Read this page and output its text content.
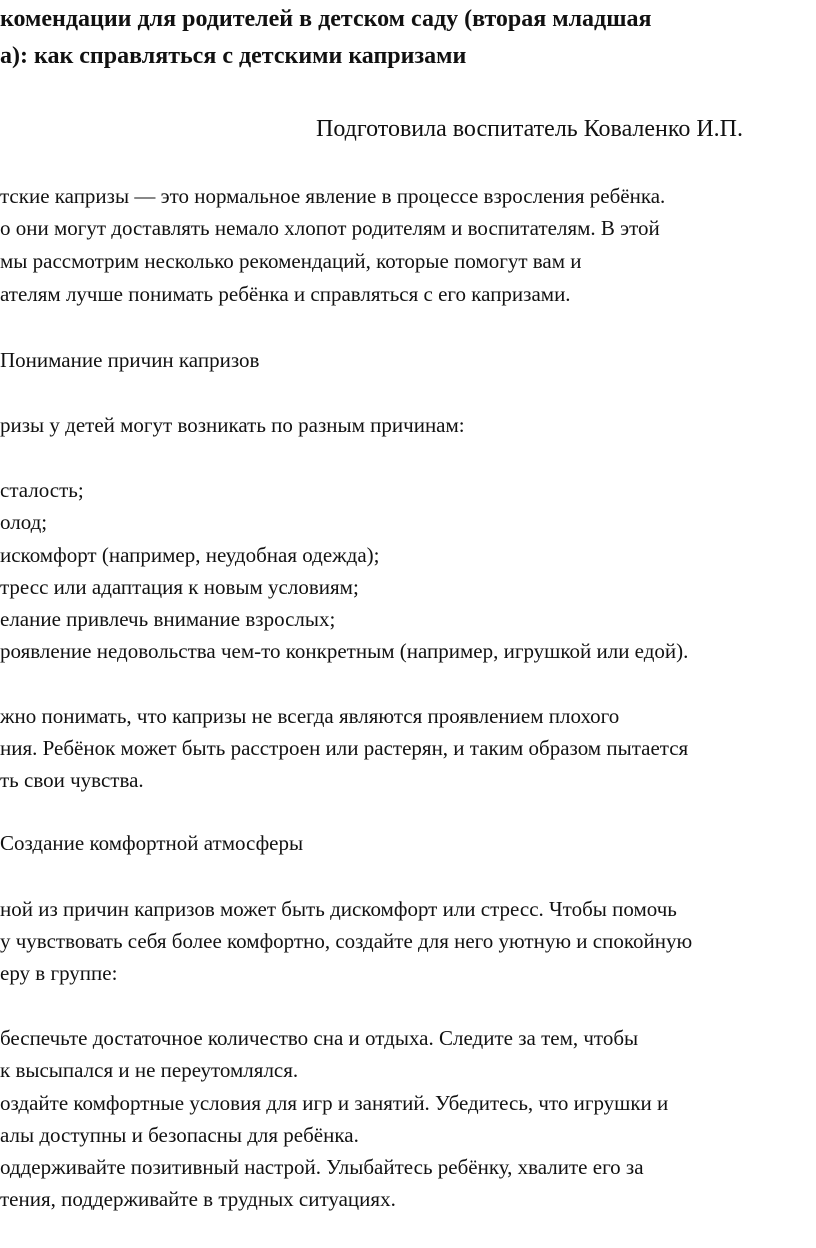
комендации для родителей в детском саду (вторая младшая
а): как справляться с детскими капризами
Подготовила воспитатель Коваленко И.П.

тские капризы — это нормальное явление в процессе взросления ребёнка.

о они могут доставлять немало хлопот родителям и воспитателям. В этой

мы рассмотрим несколько рекомендаций, которые помогут вам и

ателям лучше понимать ребёнка и справляться с его капризами.

Понимание причин капризов

ризы у детей могут возникать по разным причинам:

сталость;
олод;
искомфорт (например, неудобная одежда);
тресс или адаптация к новым условиям;
елание привлечь внимание взрослых;
роявление недовольства чем-то конкретным (например, игрушкой или едой).

жно понимать, что капризы не всегда являются проявлением плохого

ния. Ребёнок может быть расстроен или растерян, и таким образом пытается

ть свои чувства.

Создание комфортной атмосферы

ной из причин капризов может быть дискомфорт или стресс. Чтобы помочь

у чувствовать себя более комфортно, создайте для него уютную и спокойную

еру в группе:

беспечьте достаточное количество сна и отдыха. Следите за тем, чтобы
к высыпался и не переутомлялся.
оздайте комфортные условия для игр и занятий. Убедитесь, что игрушки и
алы доступны и безопасны для ребёнка.
оддерживайте позитивный настрой. Улыбайтесь ребёнку, хвалите его за
тения, поддерживайте в трудных ситуациях.
